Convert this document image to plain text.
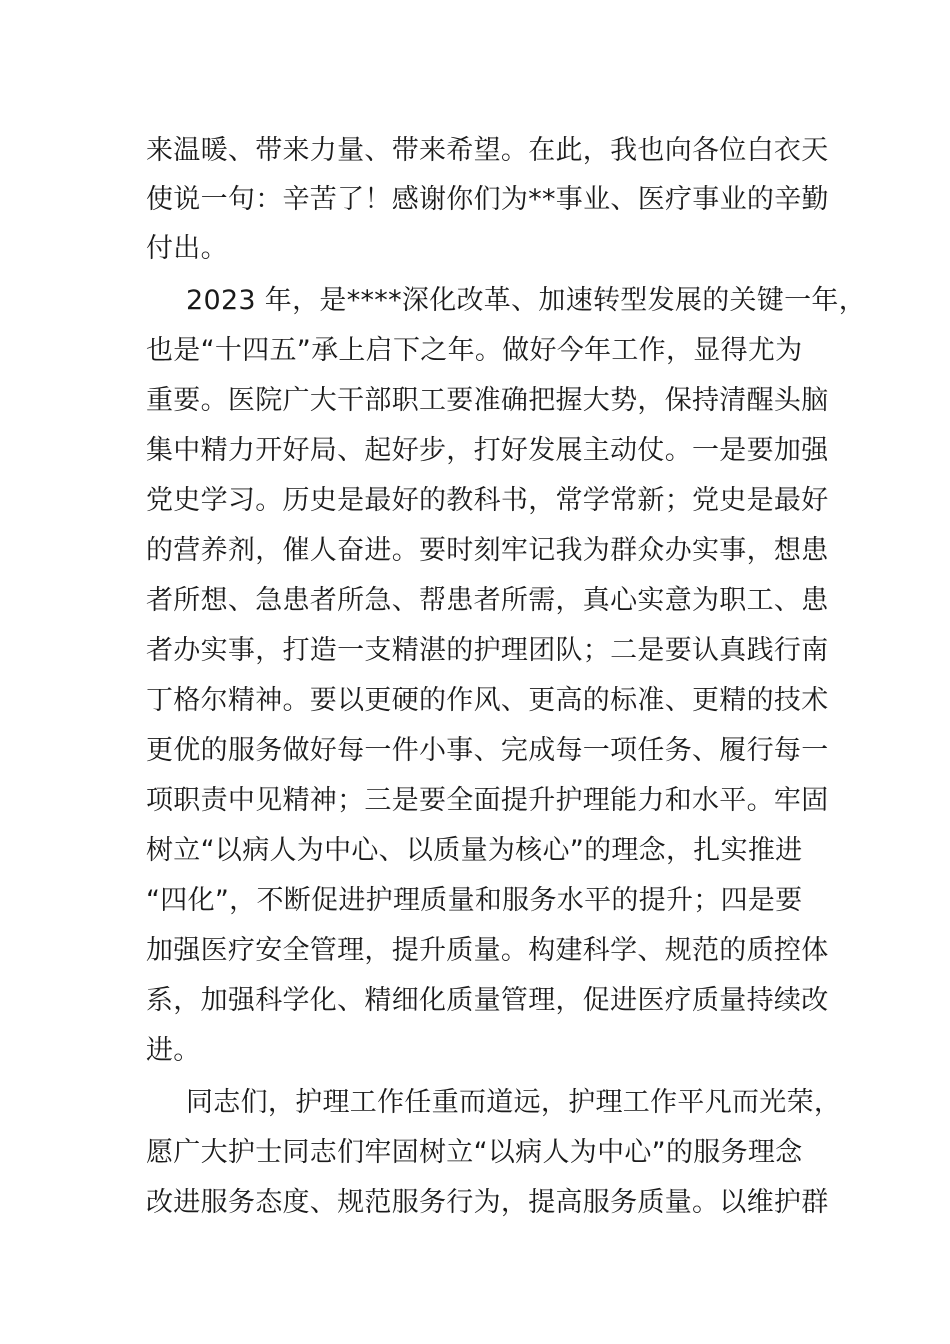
来温暖、带来力量、带来希望。在此，我也向各位白衣天
使说一句：辛苦了！感谢你们为**事业、医疗事业的辛勤
付出。
2023 年，是****深化改革、加速转型发展的关键一年，
也是“十四五”承上启下之年。做好今年工作，显得尤为
重要。医院广大干部职工要准确把握大势，保持清醒头脑
集中精力开好局、起好步，打好发展主动仗。一是要加强
党史学习。历史是最好的教科书，常学常新；党史是最好
的营养剂，催人奋进。要时刻牢记我为群众办实事，想患
者所想、急患者所急、帮患者所需，真心实意为职工、患
者办实事，打造一支精湛的护理团队；二是要认真践行南
丁格尔精神。要以更硬的作风、更高的标准、更精的技术
更优的服务做好每一件小事、完成每一项任务、履行每一
项职责中见精神；三是要全面提升护理能力和水平。牢固
树立“以病人为中心、以质量为核心”的理念，扎实推进
“四化”，不断促进护理质量和服务水平的提升；四是要
加强医疗安全管理，提升质量。构建科学、规范的质控体
系，加强科学化、精细化质量管理，促进医疗质量持续改
进。
同志们，护理工作任重而道远，护理工作平凡而光荣，
愿广大护士同志们牢固树立“以病人为中心”的服务理念
改进服务态度、规范服务行为，提高服务质量。以维护群
